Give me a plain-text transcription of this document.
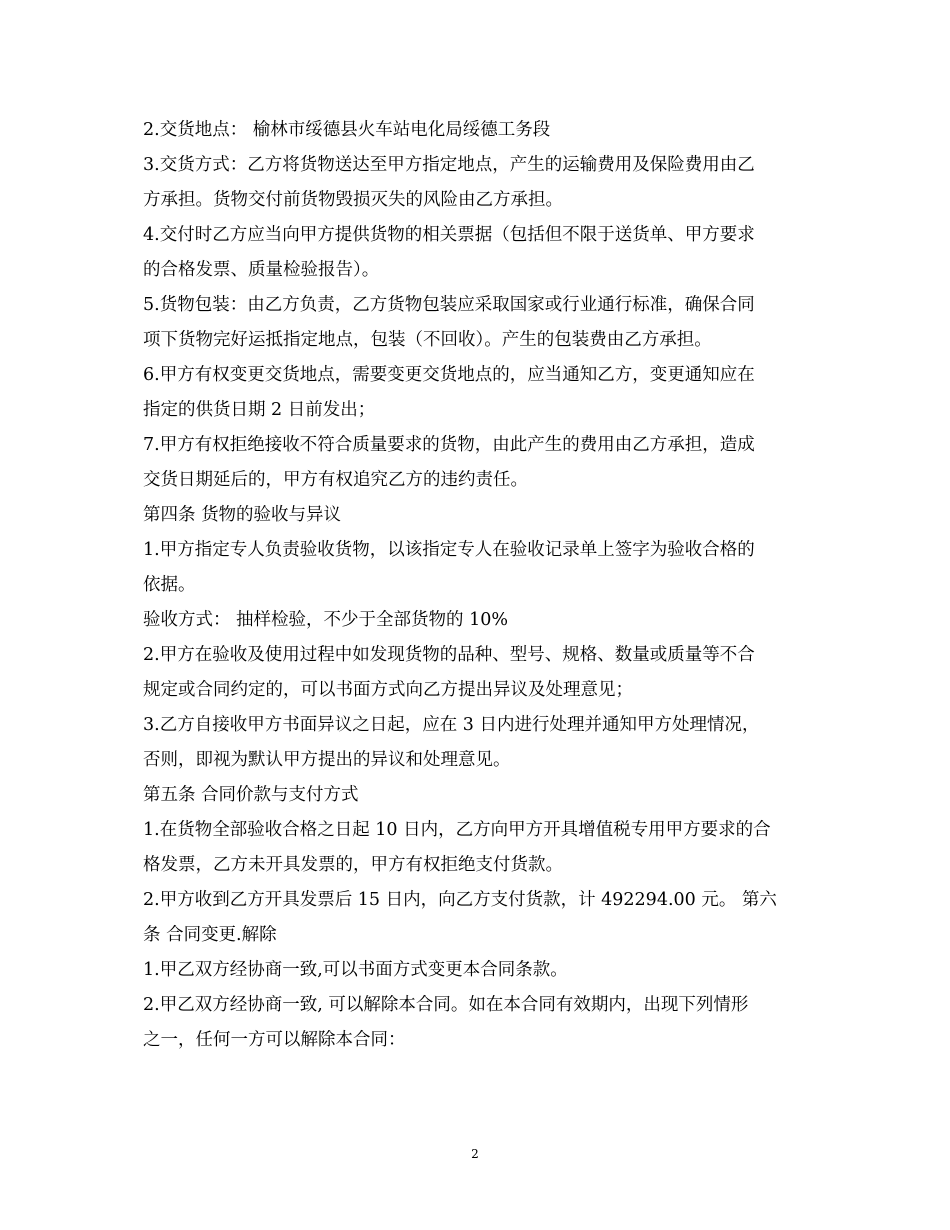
2.交货地点： 榆林市绥德县火车站电化局绥德工务段
3.交货方式：乙方将货物送达至甲方指定地点，产生的运输费用及保险费用由乙
方承担。货物交付前货物毁损灭失的风险由乙方承担。
4.交付时乙方应当向甲方提供货物的相关票据（包括但不限于送货单、甲方要求
的合格发票、质量检验报告）。
5.货物包装：由乙方负责，乙方货物包装应采取国家或行业通行标准，确保合同
项下货物完好运抵指定地点，包装（不回收）。产生的包装费由乙方承担。
6.甲方有权变更交货地点，需要变更交货地点的，应当通知乙方，变更通知应在
指定的供货日期 2 日前发出；
7.甲方有权拒绝接收不符合质量要求的货物，由此产生的费用由乙方承担，造成
交货日期延后的，甲方有权追究乙方的违约责任。
第四条 货物的验收与异议
1.甲方指定专人负责验收货物，以该指定专人在验收记录单上签字为验收合格的
依据。
验收方式： 抽样检验，不少于全部货物的 10%
2.甲方在验收及使用过程中如发现货物的品种、型号、规格、数量或质量等不合
规定或合同约定的，可以书面方式向乙方提出异议及处理意见；
3.乙方自接收甲方书面异议之日起，应在 3 日内进行处理并通知甲方处理情况，
否则，即视为默认甲方提出的异议和处理意见。
第五条 合同价款与支付方式
1.在货物全部验收合格之日起 10 日内，乙方向甲方开具增值税专用甲方要求的合
格发票，乙方未开具发票的，甲方有权拒绝支付货款。
2.甲方收到乙方开具发票后 15 日内，向乙方支付货款，计 492294.00 元。 第六
条 合同变更.解除
1.甲乙双方经协商一致,可以书面方式变更本合同条款。
2.甲乙双方经协商一致, 可以解除本合同。如在本合同有效期内，出现下列情形
之一，任何一方可以解除本合同：
2
